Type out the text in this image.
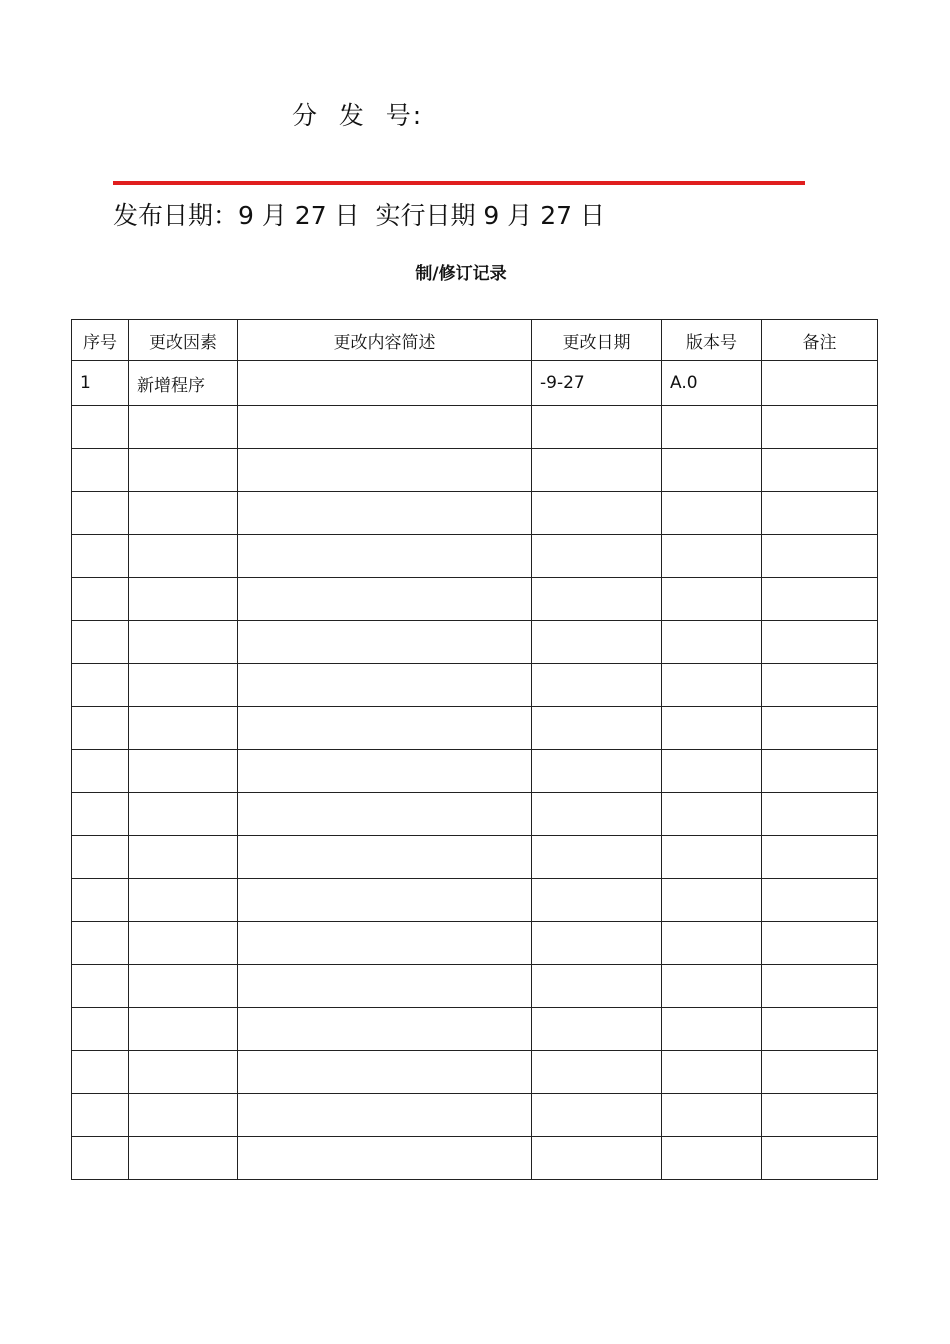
分  发  号:
发布日期：9 月 27 日  实行日期 9 月 27 日
制/修订记录
序号	更改因素	更改内容简述	更改日期	版本号	备注
1	新增程序		-9-27	A.0	
